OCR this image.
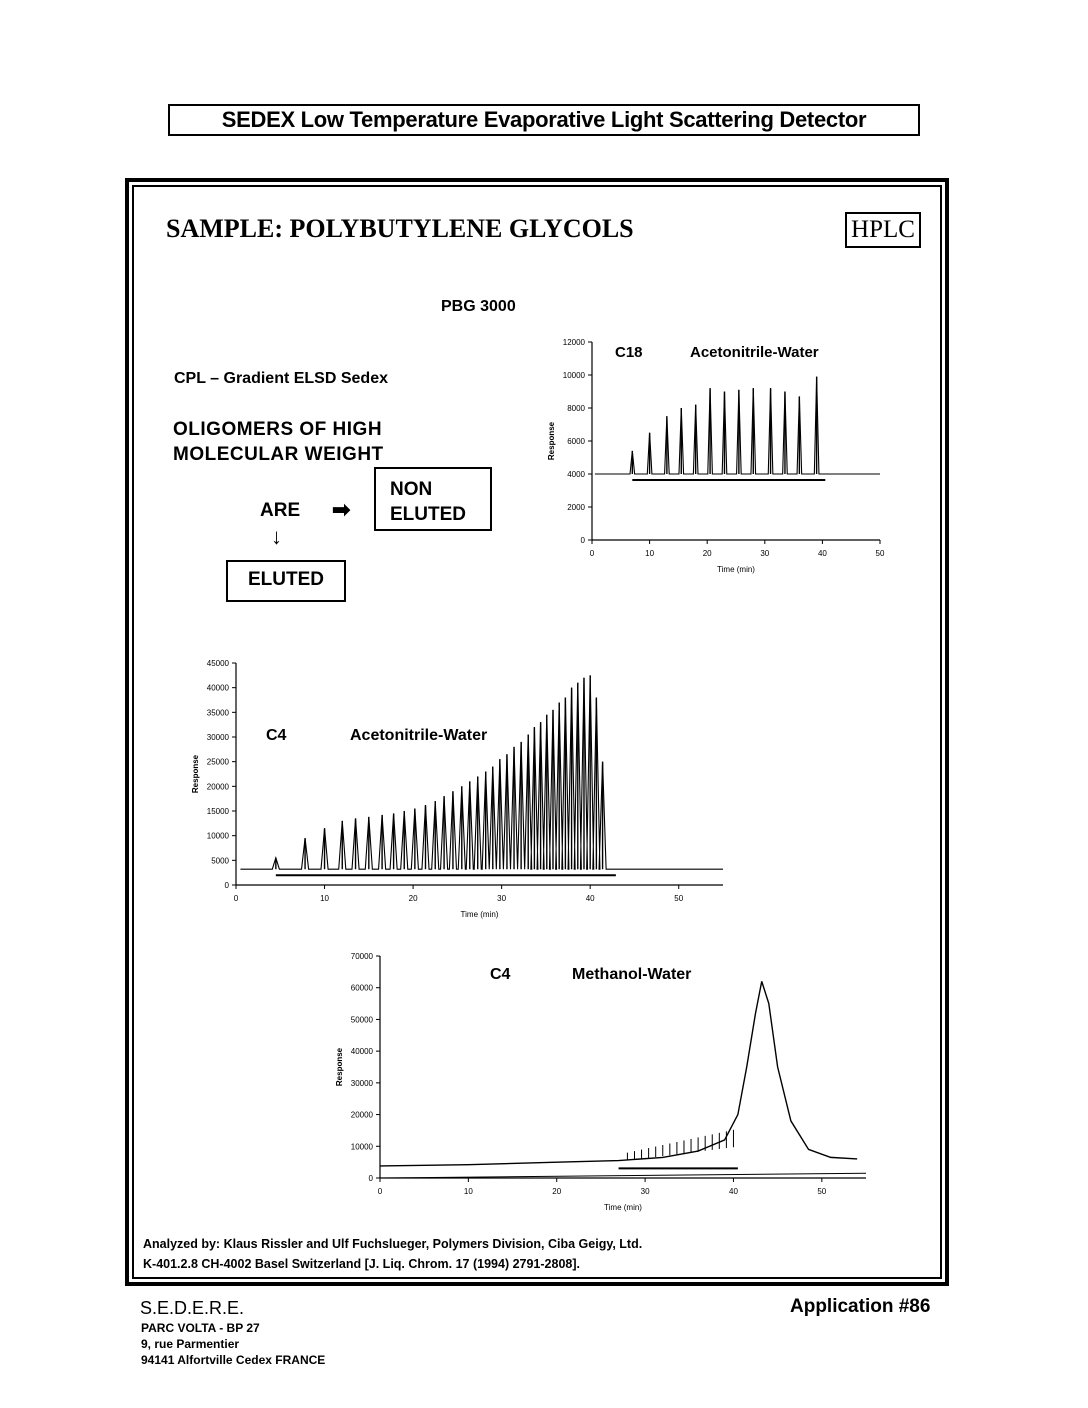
SEDEX Low Temperature Evaporative Light Scattering Detector
SAMPLE: POLYBUTYLENE GLYCOLS	HPLC
PBG 3000
CPL – Gradient ELSD Sedex
OLIGOMERS OF HIGH
MOLECULAR WEIGHT
ARE ➡
↓
NON
ELUTED
ELUTED
0
2000
4000
6000
8000
10000
12000
0	10	20	30	40	50
Time (min)
Response
C18	Acetonitrile-Water
0
5000
10000
15000
20000
25000
30000
35000
40000
45000
0	10	20	30	40	50
Time (min)
Response
C4	Acetonitrile-Water
0
10000
20000
30000
40000
50000
60000
70000
0	10	20	30	40	50
Time (min)
Response
C4	Methanol-Water
Analyzed by: Klaus Rissler and Ulf Fuchslueger, Polymers Division, Ciba Geigy, Ltd.
K-401.2.8 CH-4002 Basel Switzerland [J. Liq. Chrom. 17 (1994) 2791-2808].
S.E.D.E.R.E.
PARC VOLTA - BP 27
9, rue Parmentier
94141 Alfortville Cedex FRANCE
Application #86
